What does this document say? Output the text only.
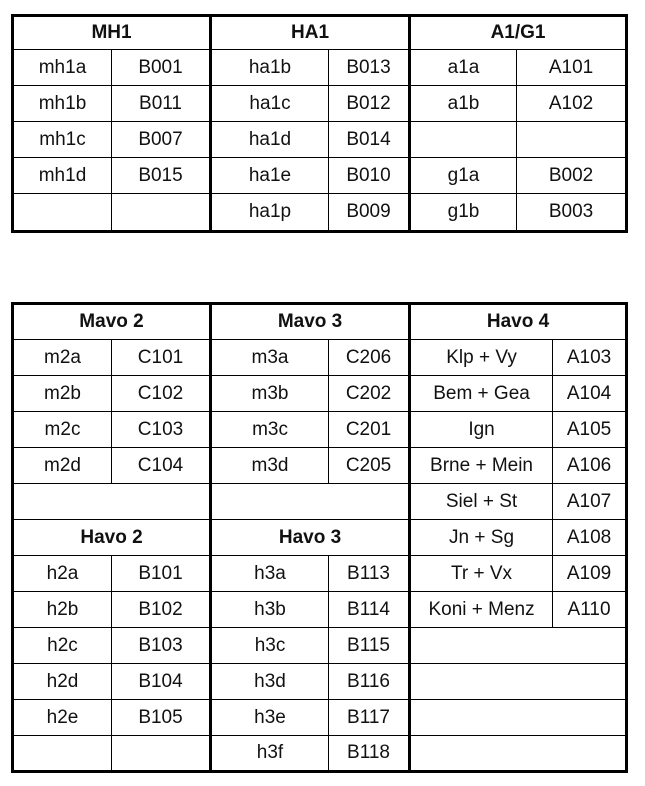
MH1		HA1		A1/G1	
mh1a	B001	ha1b	B013	a1a	A101
mh1b	B011	ha1c	B012	a1b	A102
mh1c	B007	ha1d	B014		
mh1d	B015	ha1e	B010	g1a	B002
		ha1p	B009	g1b	B003
Mavo 2		Mavo 3		Havo 4	
m2a	C101	m3a	C206	Klp + Vy	A103
m2b	C102	m3b	C202	Bem + Gea	A104
m2c	C103	m3c	C201	Ign	A105
m2d	C104	m3d	C205	Brne + Mein	A106
				Siel + St	A107
Havo 2		Havo 3		Jn + Sg	A108
h2a	B101	h3a	B113	Tr + Vx	A109
h2b	B102	h3b	B114	Koni + Menz	A110
h2c	B103	h3c	B115		
h2d	B104	h3d	B116		
h2e	B105	h3e	B117		
		h3f	B118		
